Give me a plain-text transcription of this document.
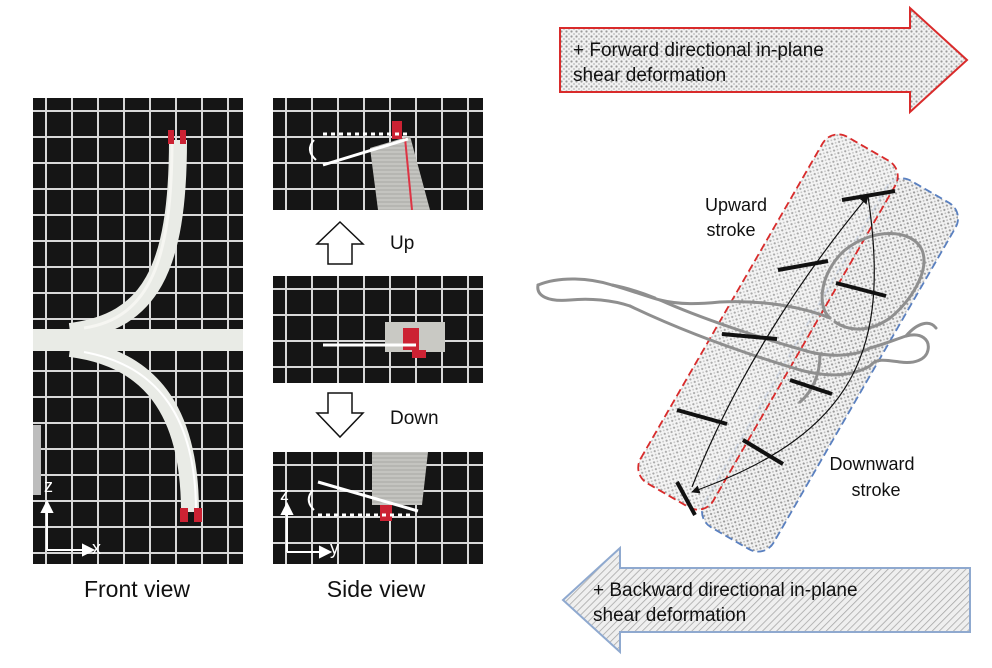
z
x
Front view
z
y
Up
Down
Side view
+ Forward directional in-plane
shear deformation
+ Backward directional in-plane
shear deformation
Upward
stroke
Downward
stroke
